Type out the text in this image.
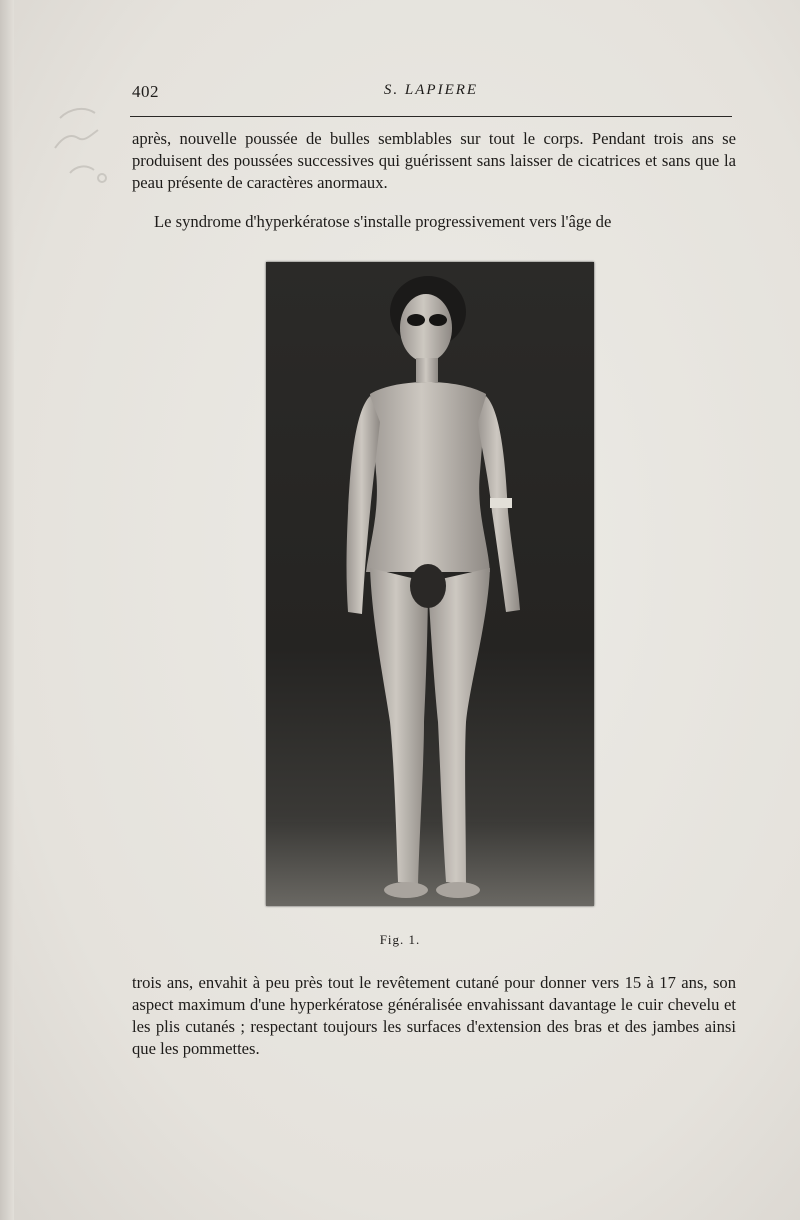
402	S. LAPIERE

après, nouvelle poussée de bulles semblables sur tout le corps. Pendant trois ans se produisent des poussées successives qui guérissent sans laisser de cicatrices et sans que la peau présente de caractères anormaux.

Le syndrome d'hyperkératose s'installe progressivement vers l'âge de

Fig. 1.

trois ans, envahit à peu près tout le revêtement cutané pour donner vers 15 à 17 ans, son aspect maximum d'une hyperkératose généralisée envahissant davantage le cuir chevelu et les plis cutanés ; respectant toujours les surfaces d'extension des bras et des jambes ainsi que les pommettes.
